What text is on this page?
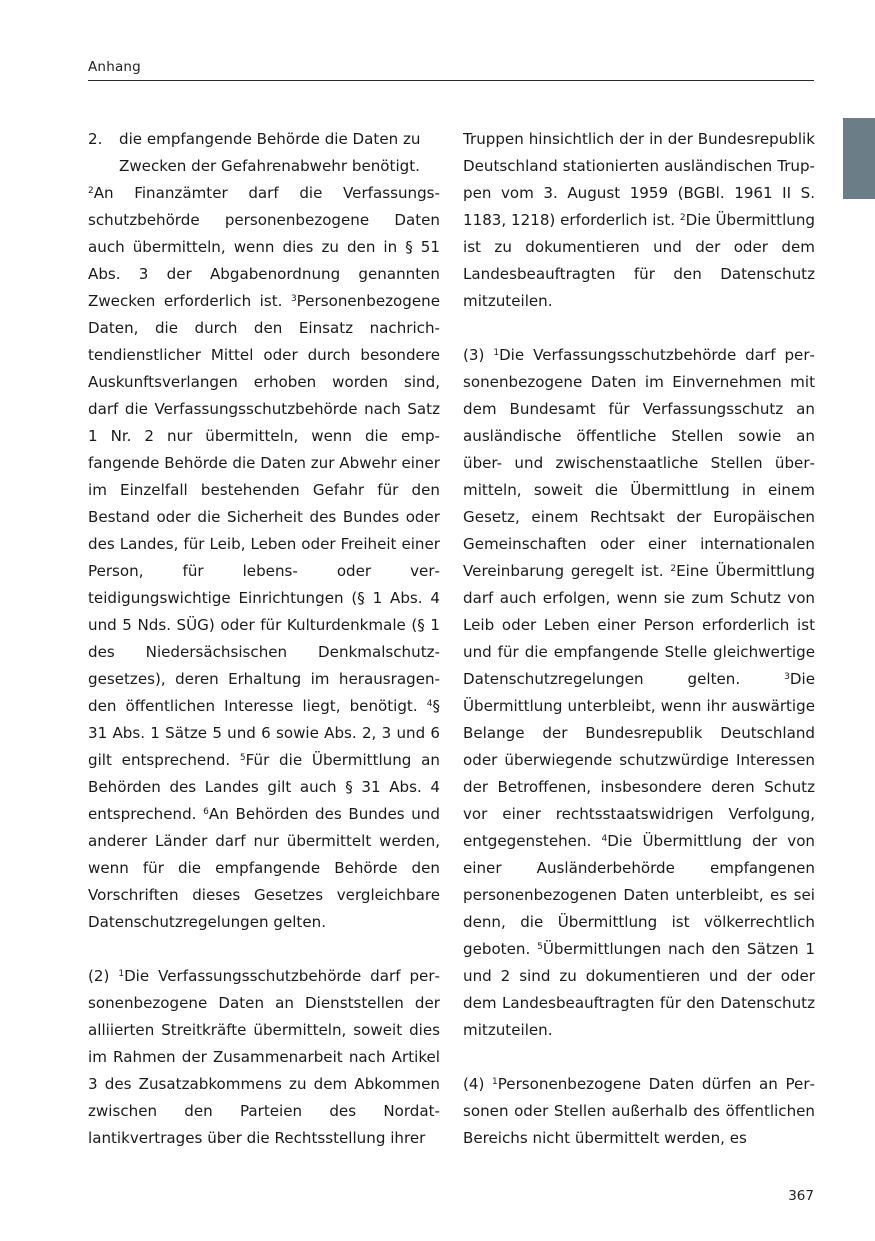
Anhang
2.	die empfangende Behörde die Daten zu Zwecken der Gefahrenabwehr benötigt.

$^2$An Finanzämter darf die Verfassungsschutzbehörde personenbezogene Daten auch übermitteln, wenn dies zu den in § 51 Abs. 3 der Abgabenordnung genannten Zwecken erforderlich ist. $^3$Personenbezogene Daten, die durch den Einsatz nachrichtendienstlicher Mittel oder durch besondere Auskunftsverlangen erhoben worden sind, darf die Verfassungsschutzbehörde nach Satz 1 Nr. 2 nur übermitteln, wenn die empfangende Behörde die Daten zur Abwehr einer im Einzelfall bestehenden Gefahr für den Bestand oder die Sicherheit des Bundes oder des Landes, für Leib, Leben oder Freiheit einer Person, für lebens- oder verteidigungswichtige Einrichtungen (§ 1 Abs. 4 und 5 Nds. SÜG) oder für Kulturdenkmale (§ 1 des Niedersächsischen Denkmalschutzgesetzes), deren Erhaltung im herausragenden öffentlichen Interesse liegt, benötigt. $^4$§ 31 Abs. 1 Sätze 5 und 6 sowie Abs. 2, 3 und 6 gilt entsprechend. $^5$Für die Übermittlung an Behörden des Landes gilt auch § 31 Abs. 4 entsprechend. $^6$An Behörden des Bundes und anderer Länder darf nur übermittelt werden, wenn für die empfangende Behörde den Vorschriften dieses Gesetzes vergleichbare Datenschutzregelungen gelten.

(2) $^1$Die Verfassungsschutzbehörde darf personenbezogene Daten an Dienststellen der alliierten Streitkräfte übermitteln, soweit dies im Rahmen der Zusammenarbeit nach Artikel 3 des Zusatzabkommens zu dem Abkommen zwischen den Parteien des Nordatlantikvertrages über die Rechtsstellung ihrer

Truppen hinsichtlich der in der Bundesrepublik Deutschland stationierten ausländischen Truppen vom 3. August 1959 (BGBl. 1961 II S. 1183, 1218) erforderlich ist. $^2$Die Übermittlung ist zu dokumentieren und der oder dem Landesbeauftragten für den Datenschutz mitzuteilen.

(3) $^1$Die Verfassungsschutzbehörde darf personenbezogene Daten im Einvernehmen mit dem Bundesamt für Verfassungsschutz an ausländische öffentliche Stellen sowie an über- und zwischenstaatliche Stellen übermitteln, soweit die Übermittlung in einem Gesetz, einem Rechtsakt der Europäischen Gemeinschaften oder einer internationalen Vereinbarung geregelt ist. $^2$Eine Übermittlung darf auch erfolgen, wenn sie zum Schutz von Leib oder Leben einer Person erforderlich ist und für die empfangende Stelle gleichwertige Datenschutzregelungen gelten. $^3$Die Übermittlung unterbleibt, wenn ihr auswärtige Belange der Bundesrepublik Deutschland oder überwiegende schutzwürdige Interessen der Betroffenen, insbesondere deren Schutz vor einer rechtsstaatswidrigen Verfolgung, entgegenstehen. $^4$Die Übermittlung der von einer Ausländerbehörde empfangenen personenbezogenen Daten unterbleibt, es sei denn, die Übermittlung ist völkerrechtlich geboten. $^5$Übermittlungen nach den Sätzen 1 und 2 sind zu dokumentieren und der oder dem Landesbeauftragten für den Datenschutz mitzuteilen.

(4) $^1$Personenbezogene Daten dürfen an Personen oder Stellen außerhalb des öffentlichen Bereichs nicht übermittelt werden, es

367
